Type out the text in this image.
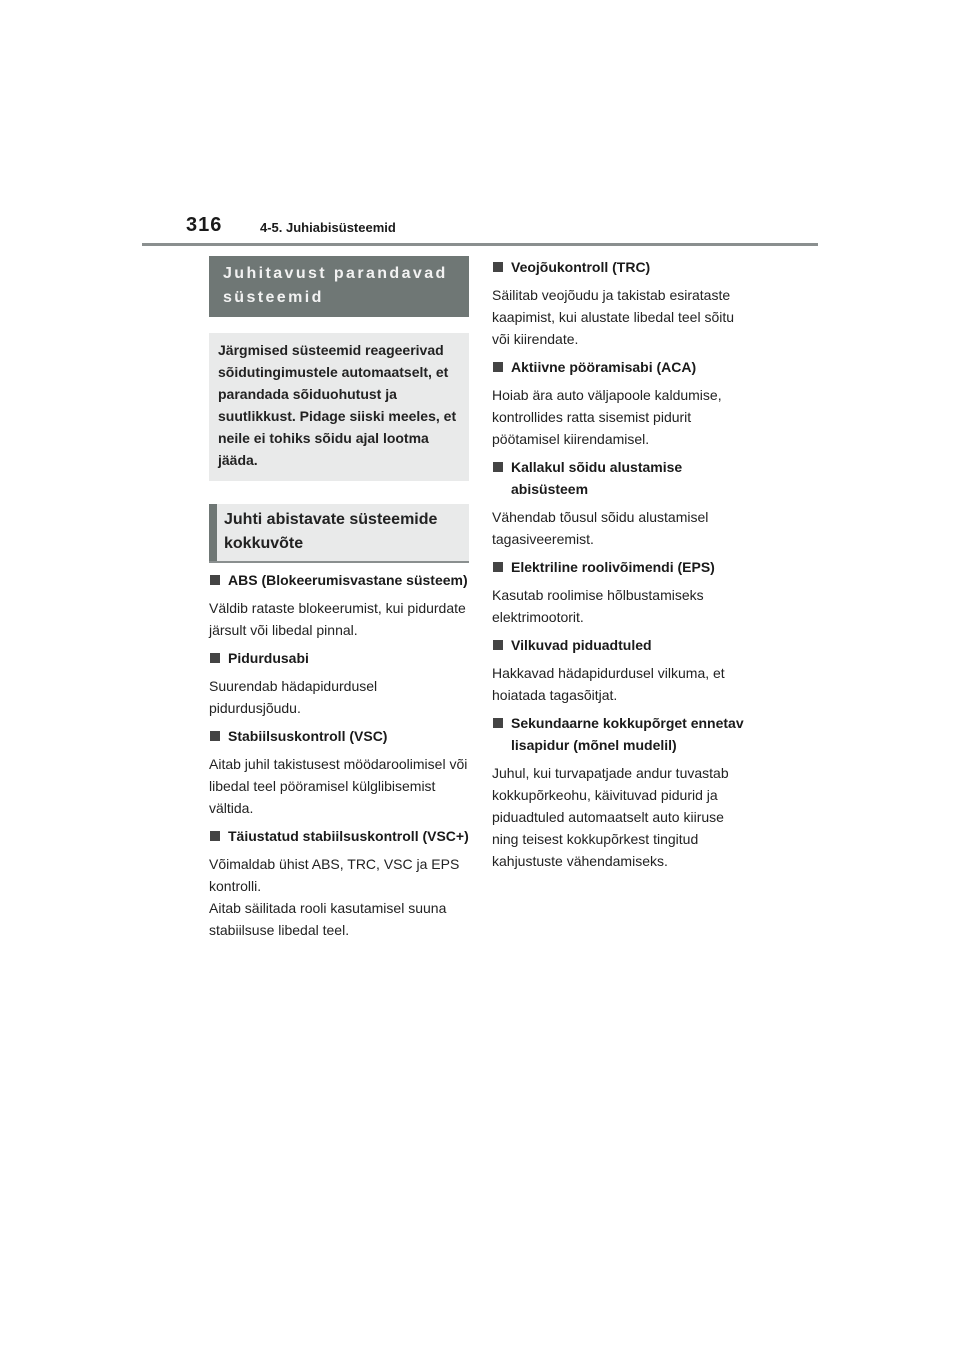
316	4-5. Juhiabisüsteemid
Juhitavust parandavad süsteemid
Järgmised süsteemid reageerivad sõidutingimustele automaatselt, et parandada sõiduohutust ja suutlikkust. Pidage siiski meeles, et neile ei tohiks sõidu ajal lootma jääda.
Juhti abistavate süsteemide kokkuvõte
ABS (Blokeerumisvastane süsteem)
Väldib rataste blokeerumist, kui pidurdate järsult või libedal pinnal.
Pidurdusabi
Suurendab hädapidurdusel pidurdusjõudu.
Stabiilsuskontroll (VSC)
Aitab juhil takistusest möödaroolimisel või libedal teel pööramisel külglibisemist vältida.
Täiustatud stabiilsuskontroll (VSC+)
Võimaldab ühist ABS, TRC, VSC ja EPS kontrolli.
Aitab säilitada rooli kasutamisel suuna stabiilsuse libedal teel.
Veojõukontroll (TRC)
Säilitab veojõudu ja takistab esirataste kaapimist, kui alustate libedal teel sõitu või kiirendate.
Aktiivne pööramisabi (ACA)
Hoiab ära auto väljapoole kaldumise, kontrollides ratta sisemist pidurit pöötamisel kiirendamisel.
Kallakul sõidu alustamise abisüsteem
Vähendab tõusul sõidu alustamisel tagasiveeremist.
Elektriline roolivõimendi (EPS)
Kasutab roolimise hõlbustamiseks elektrimootorit.
Vilkuvad piduadtuled
Hakkavad hädapidurdusel vilkuma, et hoiatada tagasõitjat.
Sekundaarne kokkupõrget ennetav lisapidur (mõnel mudelil)
Juhul, kui turvapatjade andur tuvastab kokkupõrkeohu, käivituvad pidurid ja piduadtuled automaatselt auto kiiruse ning teisest kokkupõrkest tingitud kahjustuste vähendamiseks.
